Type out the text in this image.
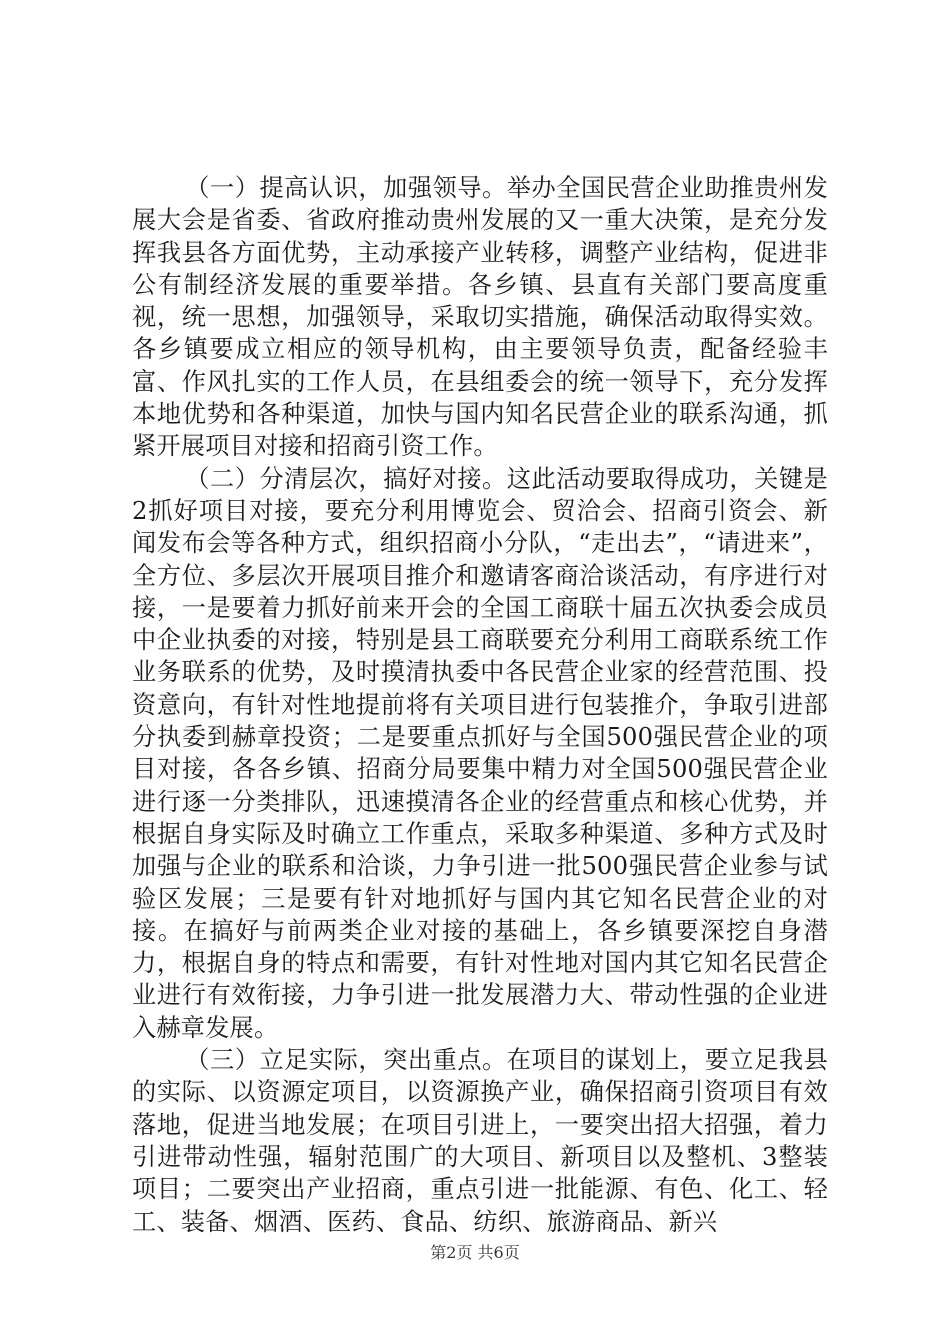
（一）提高认识，加强领导。举办全国民营企业助推贵州发展大会是省委、省政府推动贵州发展的又一重大决策，是充分发挥我县各方面优势，主动承接产业转移，调整产业结构，促进非公有制经济发展的重要举措。各乡镇、县直有关部门要高度重视，统一思想，加强领导，采取切实措施，确保活动取得实效。各乡镇要成立相应的领导机构，由主要领导负责，配备经验丰富、作风扎实的工作人员，在县组委会的统一领导下，充分发挥本地优势和各种渠道，加快与国内知名民营企业的联系沟通，抓紧开展项目对接和招商引资工作。

（二）分清层次，搞好对接。这此活动要取得成功，关键是2抓好项目对接，要充分利用博览会、贸洽会、招商引资会、新闻发布会等各种方式，组织招商小分队，“走出去”，“请进来”，全方位、多层次开展项目推介和邀请客商洽谈活动，有序进行对接，一是要着力抓好前来开会的全国工商联十届五次执委会成员中企业执委的对接，特别是县工商联要充分利用工商联系统工作业务联系的优势，及时摸清执委中各民营企业家的经营范围、投资意向，有针对性地提前将有关项目进行包装推介，争取引进部分执委到赫章投资；二是要重点抓好与全国500强民营企业的项目对接，各各乡镇、招商分局要集中精力对全国500强民营企业进行逐一分类排队，迅速摸清各企业的经营重点和核心优势，并根据自身实际及时确立工作重点，采取多种渠道、多种方式及时加强与企业的联系和洽谈，力争引进一批500强民营企业参与试验区发展；三是要有针对地抓好与国内其它知名民营企业的对接。在搞好与前两类企业对接的基础上，各乡镇要深挖自身潜力，根据自身的特点和需要，有针对性地对国内其它知名民营企业进行有效衔接，力争引进一批发展潜力大、带动性强的企业进入赫章发展。

（三）立足实际，突出重点。在项目的谋划上，要立足我县的实际、以资源定项目，以资源换产业，确保招商引资项目有效落地，促进当地发展；在项目引进上，一要突出招大招强，着力引进带动性强，辐射范围广的大项目、新项目以及整机、3整装项目；二要突出产业招商，重点引进一批能源、有色、化工、轻工、装备、烟酒、医药、食品、纺织、旅游商品、新兴

第2页 共6页
